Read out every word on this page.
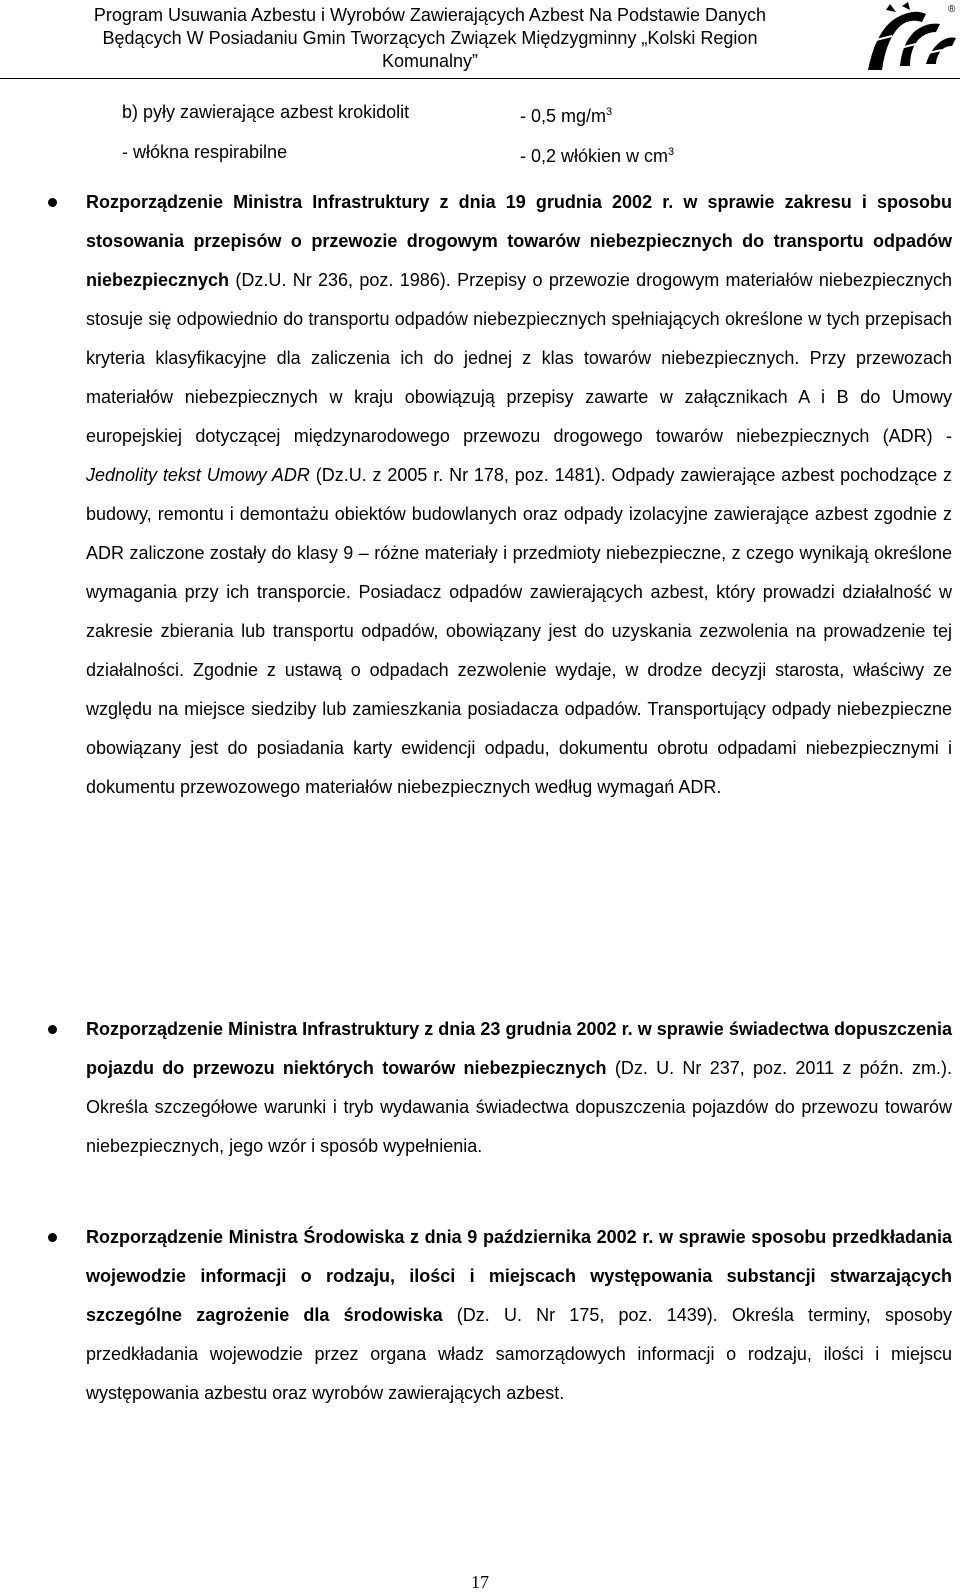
Program Usuwania Azbestu i Wyrobów Zawierających Azbest Na Podstawie Danych
Będących W Posiadaniu Gmin Tworzących Związek Międzygminny „Kolski Region
Komunalny”
®
b) pyły zawierające azbest krokidolit	- 0,5 $mg/m^3$
- włókna respirabilne	- 0,2 włókien w $cm^3$

Rozporządzenie Ministra Infrastruktury z dnia 19 grudnia 2002 r. w sprawie zakresu i sposobu stosowania przepisów o przewozie drogowym towarów niebezpiecznych do transportu odpadów niebezpiecznych (Dz.U. Nr 236, poz. 1986). Przepisy o przewozie drogowym materiałów niebezpiecznych stosuje się odpowiednio do transportu odpadów niebezpiecznych spełniających określone w tych przepisach kryteria klasyfikacyjne dla zaliczenia ich do jednej z klas towarów niebezpiecznych. Przy przewozach materiałów niebezpiecznych w kraju obowiązują przepisy zawarte w załącznikach A i B do Umowy europejskiej dotyczącej międzynarodowego przewozu drogowego towarów niebezpiecznych (ADR) - Jednolity tekst Umowy ADR (Dz.U. z 2005 r. Nr 178, poz. 1481). Odpady zawierające azbest pochodzące z budowy, remontu i demontażu obiektów budowlanych oraz odpady izolacyjne zawierające azbest zgodnie z ADR zaliczone zostały do klasy 9 – różne materiały i przedmioty niebezpieczne, z czego wynikają określone wymagania przy ich transporcie. Posiadacz odpadów zawierających azbest, który prowadzi działalność w zakresie zbierania lub transportu odpadów, obowiązany jest do uzyskania zezwolenia na prowadzenie tej działalności. Zgodnie z ustawą o odpadach zezwolenie wydaje, w drodze decyzji starosta, właściwy ze względu na miejsce siedziby lub zamieszkania posiadacza odpadów. Transportujący odpady niebezpieczne obowiązany jest do posiadania karty ewidencji odpadu, dokumentu obrotu odpadami niebezpiecznymi i dokumentu przewozowego materiałów niebezpiecznych według wymagań ADR.

Rozporządzenie Ministra Infrastruktury z dnia 23 grudnia 2002 r. w sprawie świadectwa dopuszczenia pojazdu do przewozu niektórych towarów niebezpiecznych (Dz. U. Nr 237, poz. 2011 z późn. zm.). Określa szczegółowe warunki i tryb wydawania świadectwa dopuszczenia pojazdów do przewozu towarów niebezpiecznych, jego wzór i sposób wypełnienia.

Rozporządzenie Ministra Środowiska z dnia 9 października 2002 r. w sprawie sposobu przedkładania wojewodzie informacji o rodzaju, ilości i miejscach występowania substancji stwarzających szczególne zagrożenie dla środowiska (Dz. U. Nr 175, poz. 1439). Określa terminy, sposoby przedkładania wojewodzie przez organa władz samorządowych informacji o rodzaju, ilości i miejscu występowania azbestu oraz wyrobów zawierających azbest.

17
